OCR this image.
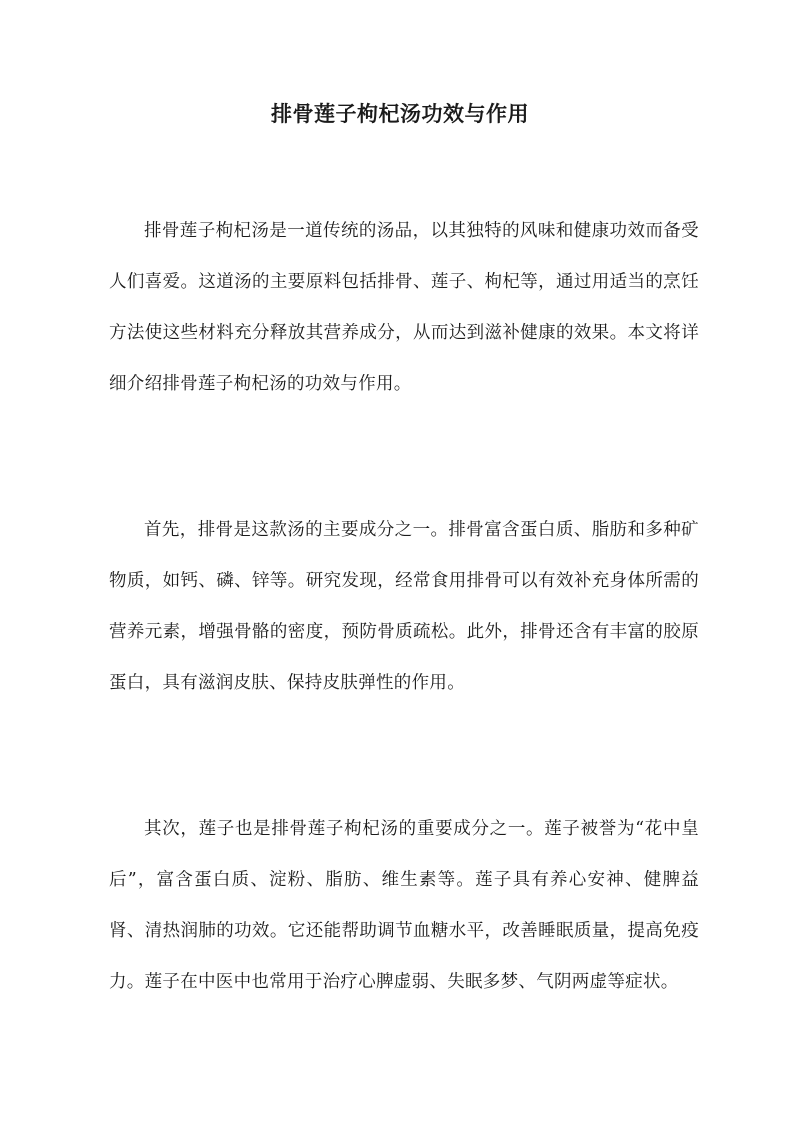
排骨莲子枸杞汤功效与作用

排骨莲子枸杞汤是一道传统的汤品，以其独特的风味和健康功效而备受人们喜爱。这道汤的主要原料包括排骨、莲子、枸杞等，通过用适当的烹饪方法使这些材料充分释放其营养成分，从而达到滋补健康的效果。本文将详细介绍排骨莲子枸杞汤的功效与作用。

首先，排骨是这款汤的主要成分之一。排骨富含蛋白质、脂肪和多种矿物质，如钙、磷、锌等。研究发现，经常食用排骨可以有效补充身体所需的营养元素，增强骨骼的密度，预防骨质疏松。此外，排骨还含有丰富的胶原蛋白，具有滋润皮肤、保持皮肤弹性的作用。

其次，莲子也是排骨莲子枸杞汤的重要成分之一。莲子被誉为“花中皇后”，富含蛋白质、淀粉、脂肪、维生素等。莲子具有养心安神、健脾益肾、清热润肺的功效。它还能帮助调节血糖水平，改善睡眠质量，提高免疫力。莲子在中医中也常用于治疗心脾虚弱、失眠多梦、气阴两虚等症状。
